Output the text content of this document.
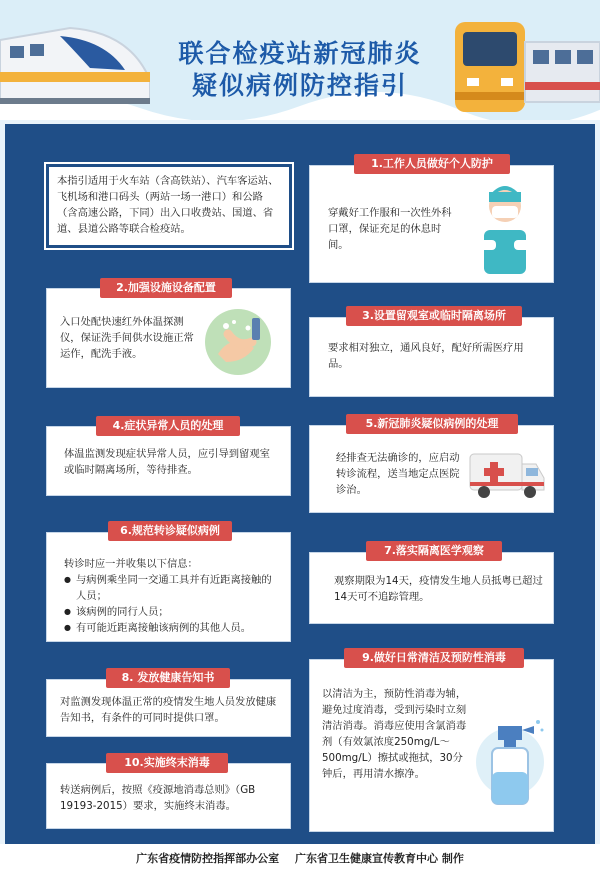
联合检疫站新冠肺炎
疑似病例防控指引
本指引适用于火车站（含高铁站）、汽车客运站、飞机场和港口码头（两站一场一港口）和公路（含高速公路，下同）出入口收费站、国道、省道、县道公路等联合检疫站。
1.工作人员做好个人防护
穿戴好工作服和一次性外科口罩，保证充足的休息时间。
2.加强设施设备配置
入口处配快速红外体温探测仪，保证洗手间供水设施正常运作，配洗手液。
3.设置留观室或临时隔离场所
要求相对独立，通风良好，配好所需医疗用品。
4.症状异常人员的处理
体温监测发现症状异常人员，应引导到留观室或临时隔离场所，等待排查。
5.新冠肺炎疑似病例的处理
经排查无法确诊的，应启动转诊流程，送当地定点医院诊治。
6.规范转诊疑似病例
转诊时应一并收集以下信息：
● 与病例乘坐同一交通工具并有近距离接触的人员；
● 该病例的同行人员；
● 有可能近距离接触该病例的其他人员。
7.落实隔离医学观察
观察期限为14天，疫情发生地人员抵粤已超过14天可不追踪管理。
8. 发放健康告知书
对监测发现体温正常的疫情发生地人员发放健康告知书，有条件的可同时提供口罩。
9.做好日常清洁及预防性消毒
以清洁为主，预防性消毒为辅，避免过度消毒，受到污染时立刻清洁消毒。消毒应使用含氯消毒剂（有效氯浓度250mg/L～500mg/L）擦拭或拖拭，30分钟后，再用清水擦净。
10.实施终末消毒
转送病例后，按照《疫源地消毒总则》（GB 19193-2015）要求，实施终末消毒。
广东省疫情防控指挥部办公室 广东省卫生健康宣传教育中心 制作
